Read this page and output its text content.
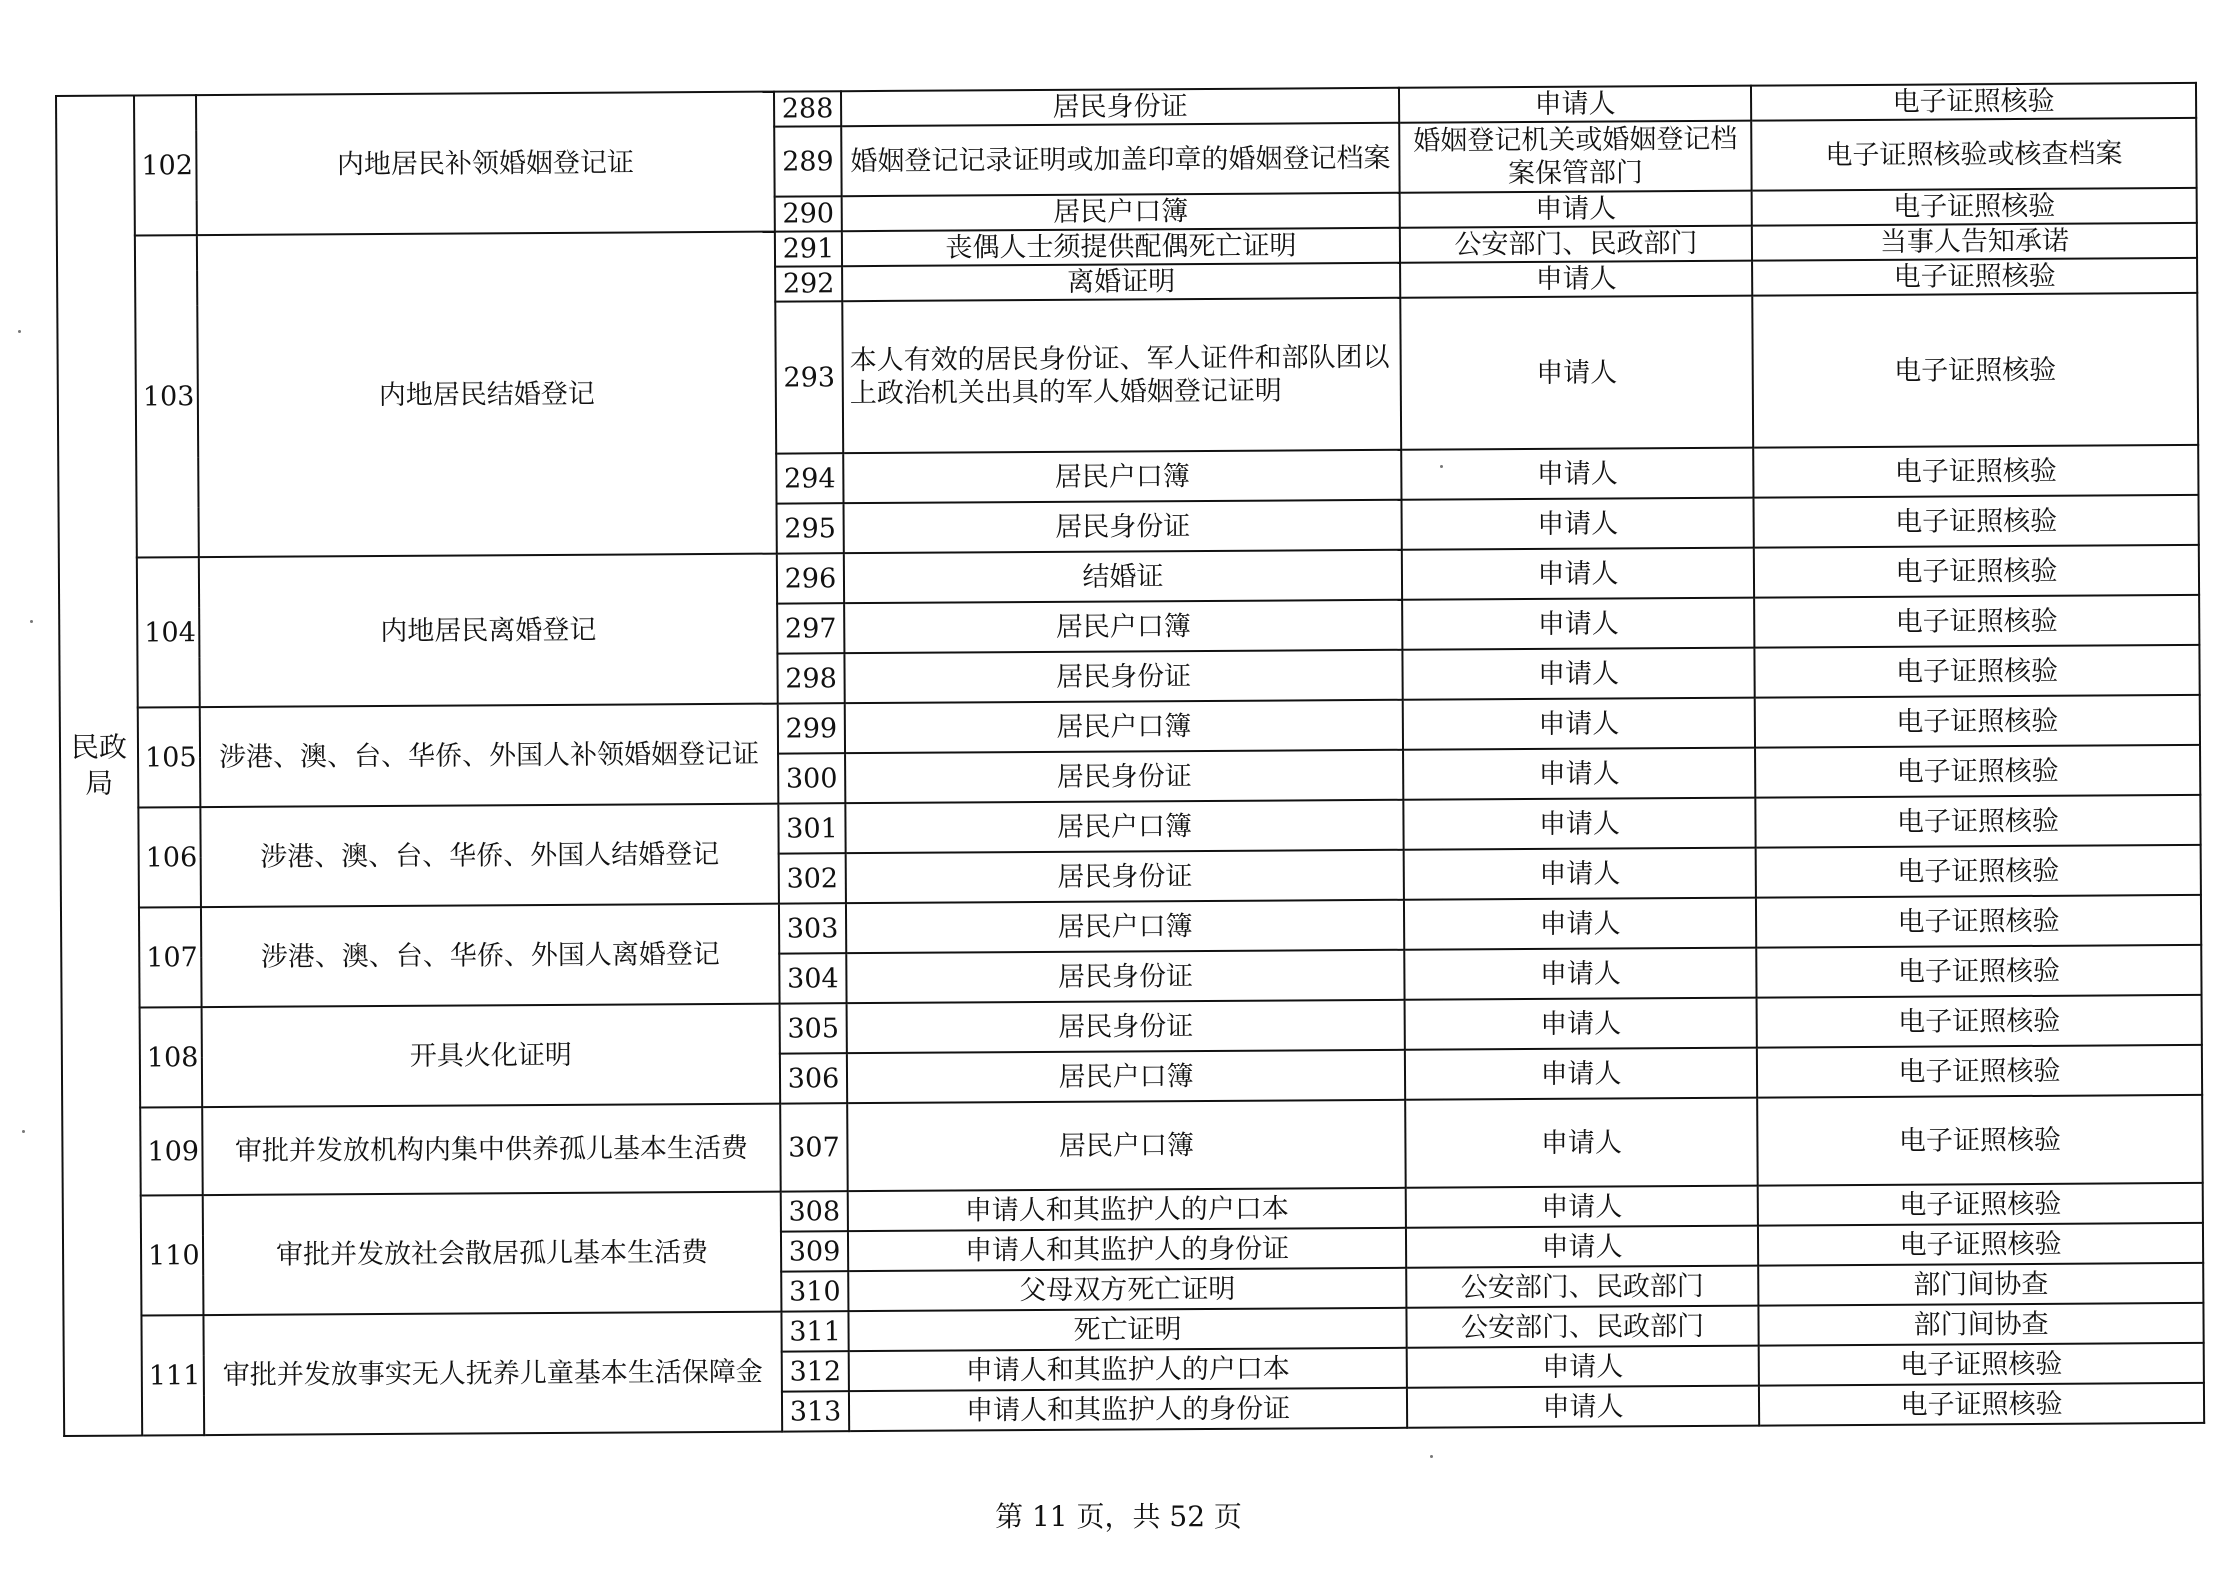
民政局	102	内地居民补领婚姻登记证	288	居民身份证	申请人	电子证照核验
			289	婚姻登记记录证明或加盖印章的婚姻登记档案	婚姻登记机关或婚姻登记档案保管部门	电子证照核验或核查档案
			290	居民户口簿	申请人	电子证照核验
	103	内地居民结婚登记	291	丧偶人士须提供配偶死亡证明	公安部门、民政部门	当事人告知承诺
			292	离婚证明	申请人	电子证照核验
			293	本人有效的居民身份证、军人证件和部队团以上政治机关出具的军人婚姻登记证明	申请人	电子证照核验
			294	居民户口簿	申请人	电子证照核验
			295	居民身份证	申请人	电子证照核验
	104	内地居民离婚登记	296	结婚证	申请人	电子证照核验
			297	居民户口簿	申请人	电子证照核验
			298	居民身份证	申请人	电子证照核验
	105	涉港、澳、台、华侨、外国人补领婚姻登记证	299	居民户口簿	申请人	电子证照核验
			300	居民身份证	申请人	电子证照核验
	106	涉港、澳、台、华侨、外国人结婚登记	301	居民户口簿	申请人	电子证照核验
			302	居民身份证	申请人	电子证照核验
	107	涉港、澳、台、华侨、外国人离婚登记	303	居民户口簿	申请人	电子证照核验
			304	居民身份证	申请人	电子证照核验
	108	开具火化证明	305	居民身份证	申请人	电子证照核验
			306	居民户口簿	申请人	电子证照核验
	109	审批并发放机构内集中供养孤儿基本生活费	307	居民户口簿	申请人	电子证照核验
	110	审批并发放社会散居孤儿基本生活费	308	申请人和其监护人的户口本	申请人	电子证照核验
			309	申请人和其监护人的身份证	申请人	电子证照核验
			310	父母双方死亡证明	公安部门、民政部门	部门间协查
	111	审批并发放事实无人抚养儿童基本生活保障金	311	死亡证明	公安部门、民政部门	部门间协查
			312	申请人和其监护人的户口本	申请人	电子证照核验
			313	申请人和其监护人的身份证	申请人	电子证照核验
第 11 页，共 52 页
